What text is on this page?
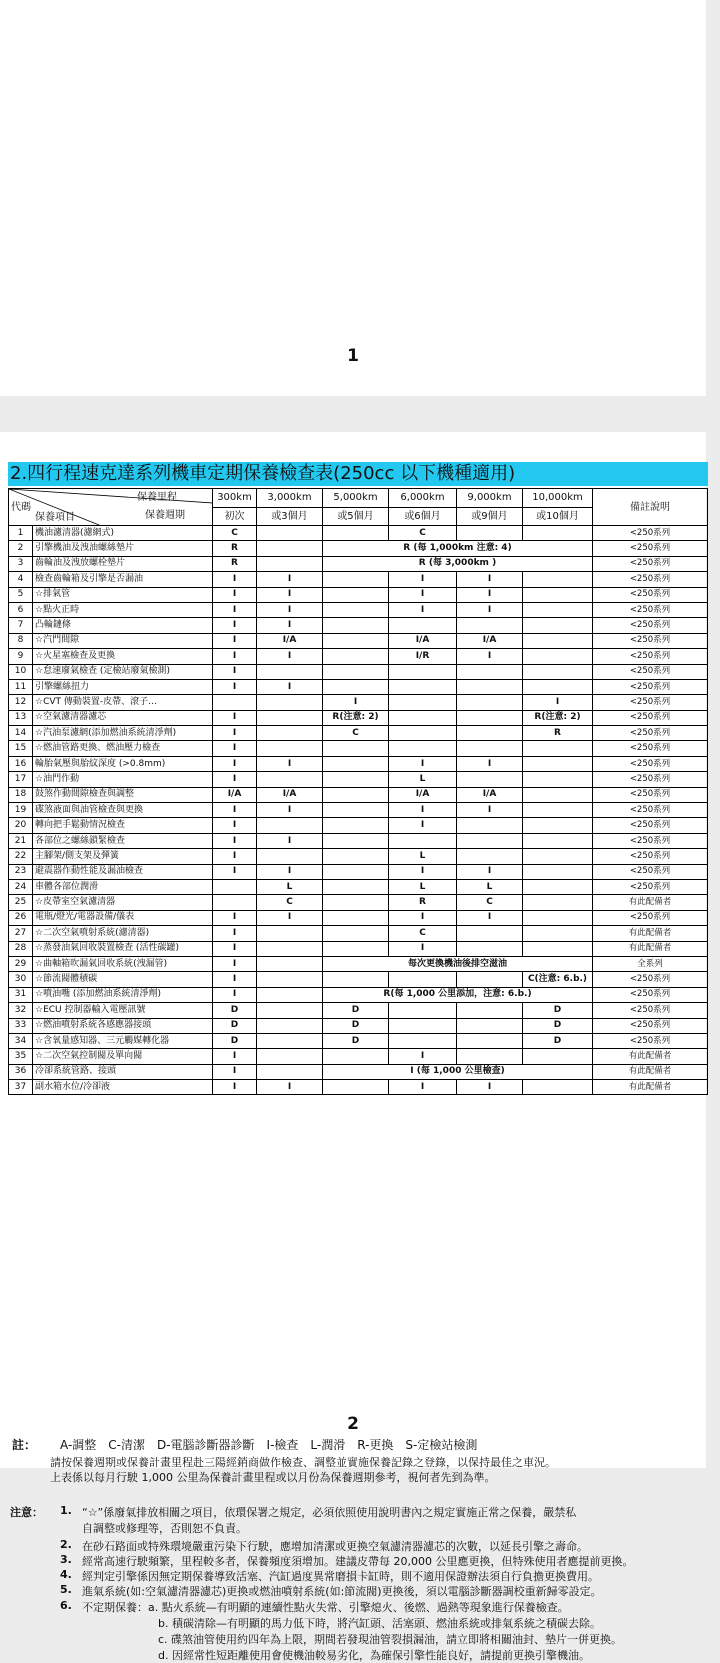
1
2.四行程速克達系列機車定期保養檢查表(250cc 以下機種適用)
代碼
保養里程
保養週期
保養項目		300km	3,000km	5,000km	6,000km	9,000km	10,000km	備註說明
		初次	或3個月	或5個月	或6個月	或9個月	或10個月	
1	機油濾清器(濾網式)	C			C			<250系列
2	引擎機油及洩油螺絲墊片	R		R (每 1,000km 注意: 4)				<250系列
3	齒輪油及洩放螺栓墊片	R		R (每 3,000km )				<250系列
4	檢查齒輪箱及引擎是否漏油	I	I		I	I		<250系列
5	☆排氣管	I	I		I	I		<250系列
6	☆點火正時	I	I		I	I		<250系列
7	凸輪鏈條	I	I					<250系列
8	☆汽門間隙	I	I/A		I/A	I/A		<250系列
9	☆火星塞檢查及更換	I	I		I/R	I		<250系列
10	☆怠速廢氣檢查 (定檢站廢氣檢測)	I						<250系列
11	引擎螺絲扭力	I	I					<250系列
12	☆CVT 傳動裝置-皮帶、滾子…			I			I	<250系列
13	☆空氣濾清器濾芯	I		R(注意: 2)			R(注意: 2)	<250系列
14	☆汽油泵濾網(添加燃油系統清淨劑)	I		C			R	<250系列
15	☆燃油管路更換、燃油壓力檢查	I						<250系列
16	輪胎氣壓與胎紋深度 (>0.8mm)	I	I		I	I		<250系列
17	☆油門作動	I			L			<250系列
18	鼓煞作動間隙檢查與調整	I/A	I/A		I/A	I/A		<250系列
19	碟煞液面與油管檢查與更換	I	I		I	I		<250系列
20	轉向把手鬆動情況檢查	I			I			<250系列
21	各部位之螺絲鎖緊檢查	I	I					<250系列
22	主腳架/側支架及彈簧	I			L			<250系列
23	避震器作動性能及漏油檢查	I	I		I	I		<250系列
24	車體各部位潤滑		L		L	L		<250系列
25	☆皮帶室空氣濾清器		C		R	C		有此配備者
26	電瓶/燈光/電器設備/儀表	I	I		I	I		<250系列
27	☆二次空氣噴射系統(濾清器)	I			C			有此配備者
28	☆蒸發油氣回收裝置檢查 (活性碳罐)	I			I			有此配備者
29	☆曲軸箱吹漏氣回收系統(洩漏管)	I		每次更換機油後排空滋油				全系列
30	☆節流閥體積碳	I					C(注意: 6.b.)	<250系列
31	☆噴油嘴 (添加燃油系統清淨劑)	I		R(每 1,000 公里添加，注意: 6.b.)				<250系列
32	☆ECU 控制器輸入電壓訊號	D		D			D	<250系列
33	☆燃油噴射系統各感應器接頭	D		D			D	<250系列
34	☆含氧量感知器、三元觸媒轉化器	D		D			D	<250系列
35	☆二次空氣控制閥及單向閥	I			I			有此配備者
36	冷卻系統管路、接頭	I		I (每 1,000 公里檢查)				有此配備者
37	副水箱水位/冷卻液	I	I		I	I		有此配備者
註： A-調整　C-清潔　D-電腦診斷器診斷　I-檢查　L-潤滑　R-更換　S-定檢站檢測
請按保養週期或保養計畫里程赴三陽經銷商做作檢查、調整並實施保養記錄之登錄，以保持最佳之車況。
上表係以每月行駛 1,000 公里為保養計畫里程或以月份為保養週期參考，視何者先到為準。
注意： 1. “☆”係廢氣排放相關之項目，依環保署之規定，必須依照使用說明書內之規定實施正常之保養，嚴禁私
自調整或修理等，否則恕不負責。
2. 在砂石路面或特殊環境嚴重污染下行駛，應增加清潔或更換空氣濾清器濾芯的次數，以延長引擎之壽命。
3. 經常高速行駛頻繁，里程較多者，保養頻度須增加。建議皮帶每 20,000 公里應更換，但特殊使用者應提前更換。
4. 經判定引擎係因無定期保養導致活塞、汽缸過度異常磨損卡缸時，則不適用保證辦法須自行負擔更換費用。
5. 進氣系統(如:空氣濾清器濾芯)更換或燃油噴射系統(如:節流閥)更換後，須以電腦診斷器調校重新歸零設定。
6. 不定期保養：a. 點火系統—有明顯的連續性點火失常、引擎熄火、後燃、過熱等現象進行保養檢查。
b. 積碳清除—有明顯的馬力低下時，將汽缸頭、活塞頭、燃油系統或排氣系統之積碳去除。
c. 碟煞油管使用約四年為上限，期間若發現油管裂損漏油，請立即將相關油封、墊片一併更換。
d. 因經常性短距離使用會使機油較易劣化，為確保引擎性能良好，請提前更換引擎機油。
2
